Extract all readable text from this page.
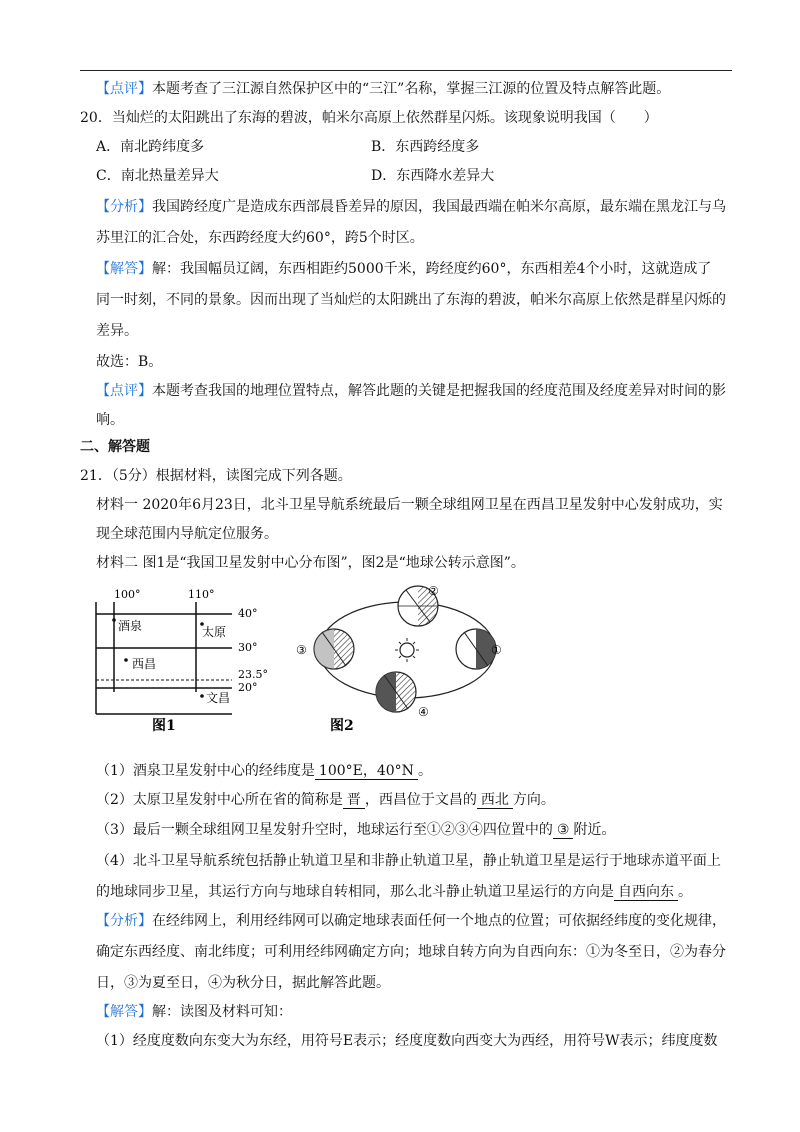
【点评】本题考查了三江源自然保护区中的“三江”名称，掌握三江源的位置及特点解答此题。
20．当灿烂的太阳跳出了东海的碧波，帕米尔高原上依然群星闪烁。该现象说明我国（　　）
A．南北跨纬度多	B．东西跨经度多
C．南北热量差异大	D．东西降水差异大
【分析】我国跨经度广是造成东西部晨昏差异的原因，我国最西端在帕米尔高原，最东端在黑龙江与乌
苏里江的汇合处，东西跨经度大约60°，跨5个时区。
【解答】解：我国幅员辽阔，东西相距约5000千米，跨经度约60°，东西相差4个小时，这就造成了
同一时刻，不同的景象。因而出现了当灿烂的太阳跳出了东海的碧波，帕米尔高原上依然是群星闪烁的
差异。
故选：B。
【点评】本题考查我国的地理位置特点，解答此题的关键是把握我国的经度范围及经度差异对时间的影
响。
二、解答题
21．（5分）根据材料，读图完成下列各题。
材料一 2020年6月23日，北斗卫星导航系统最后一颗全球组网卫星在西昌卫星发射中心发射成功，实
现全球范围内导航定位服务。
材料二 图1是“我国卫星发射中心分布图”，图2是“地球公转示意图”。
100°	110°
40°
30°
23.5°
20°
酒泉	太原
西昌
文昌
图1
②
③	①
④
图2
（1）酒泉卫星发射中心的经纬度是 100°E，40°N 。
（2）太原卫星发射中心所在省的简称是 晋 ，西昌位于文昌的 西北 方向。
（3）最后一颗全球组网卫星发射升空时，地球运行至①②③④四位置中的 ③ 附近。
（4）北斗卫星导航系统包括静止轨道卫星和非静止轨道卫星，静止轨道卫星是运行于地球赤道平面上
的地球同步卫星，其运行方向与地球自转相同，那么北斗静止轨道卫星运行的方向是 自西向东 。
【分析】在经纬网上，利用经纬网可以确定地球表面任何一个地点的位置；可依据经纬度的变化规律，
确定东西经度、南北纬度；可利用经纬网确定方向；地球自转方向为自西向东：①为冬至日，②为春分
日，③为夏至日，④为秋分日，据此解答此题。
【解答】解：读图及材料可知：
（1）经度度数向东变大为东经，用符号E表示；经度度数向西变大为西经，用符号W表示；纬度度数
